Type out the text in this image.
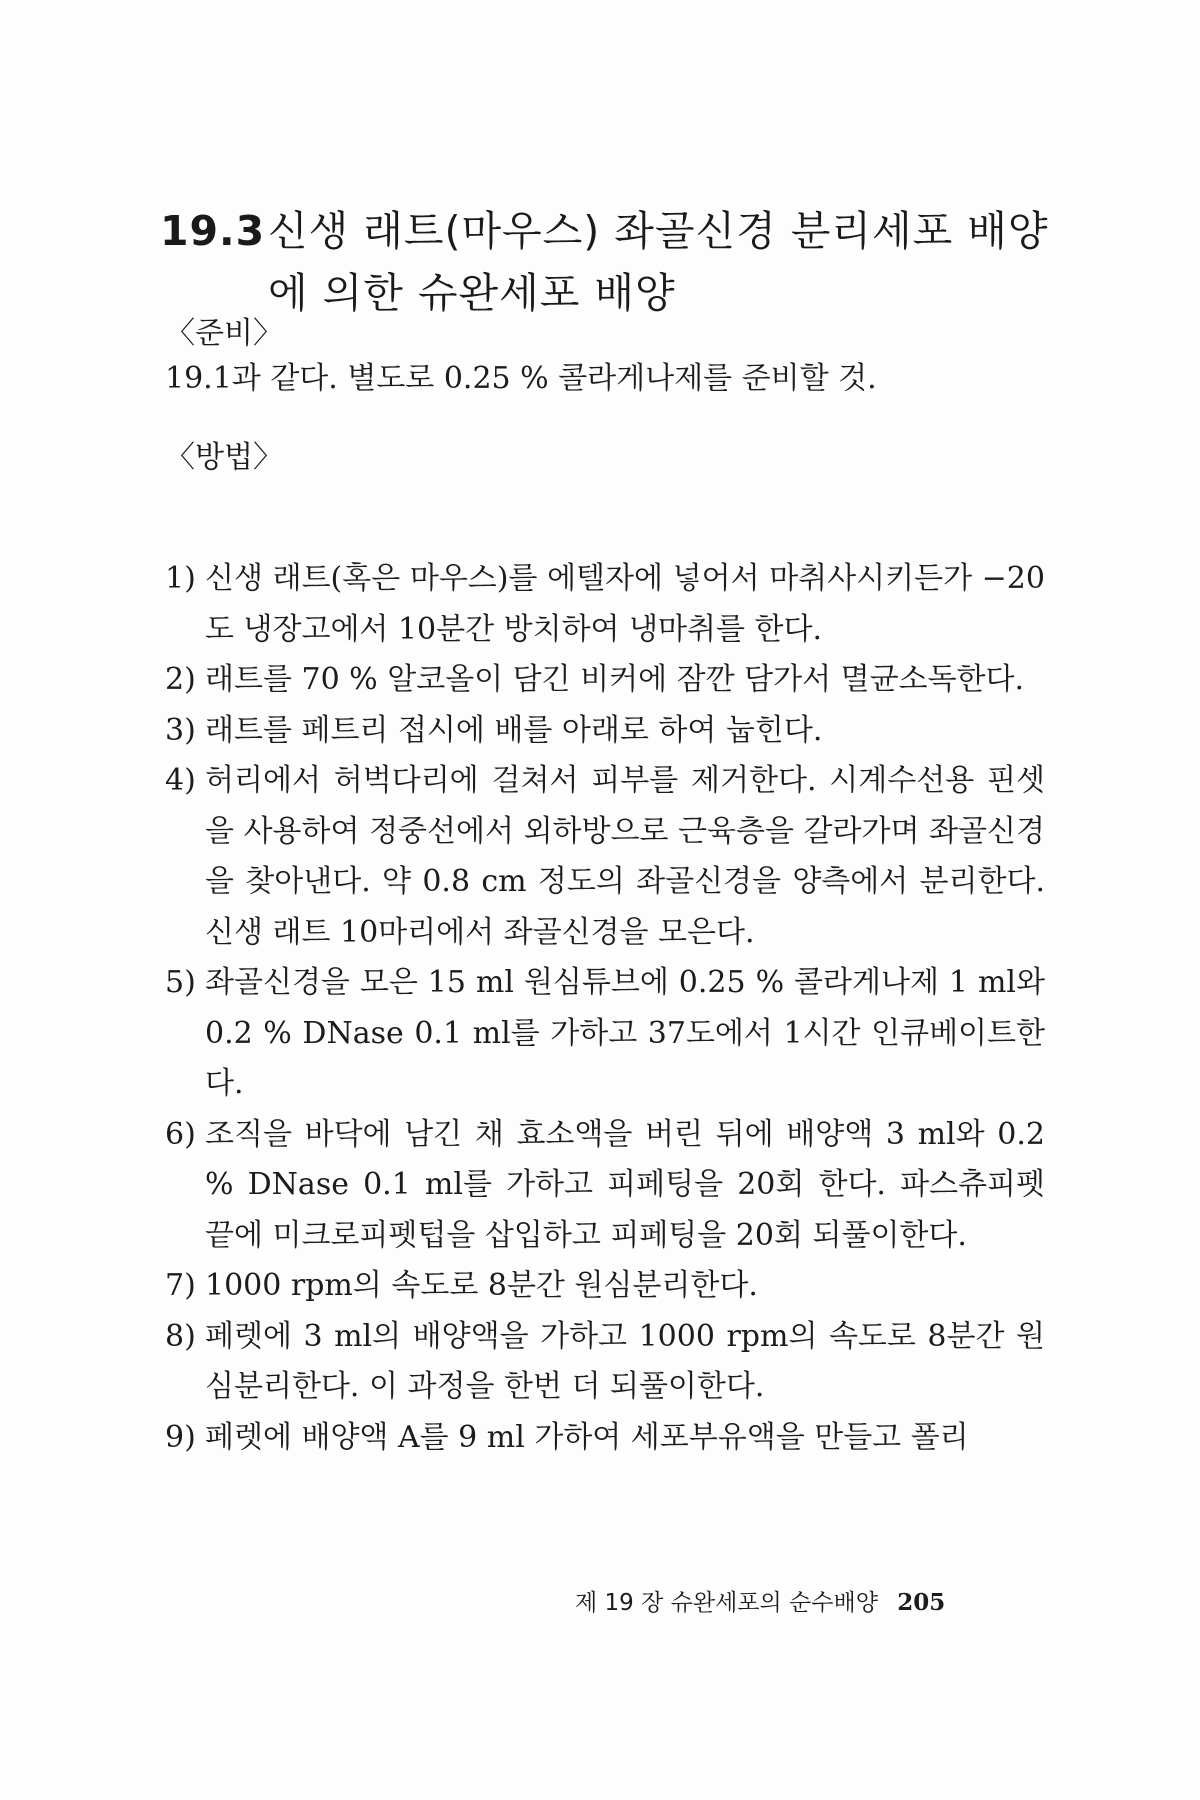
19.3 신생 래트(마우스) 좌골신경 분리세포 배양에 의한 슈완세포 배양
〈준비〉
19.1과 같다. 별도로 0.25 % 콜라게나제를 준비할 것.
〈방법〉
1) 신생 래트(혹은 마우스)를 에텔자에 넣어서 마취사시키든가 −20도 냉장고에서 10분간 방치하여 냉마취를 한다.
2) 래트를 70 % 알코올이 담긴 비커에 잠깐 담가서 멸균소독한다.
3) 래트를 페트리 접시에 배를 아래로 하여 눕힌다.
4) 허리에서 허벅다리에 걸쳐서 피부를 제거한다. 시계수선용 핀셋을 사용하여 정중선에서 외하방으로 근육층을 갈라가며 좌골신경을 찾아낸다. 약 0.8 cm 정도의 좌골신경을 양측에서 분리한다. 신생 래트 10마리에서 좌골신경을 모은다.
5) 좌골신경을 모은 15 ml 원심튜브에 0.25 % 콜라게나제 1 ml와 0.2 % DNase 0.1 ml를 가하고 37도에서 1시간 인큐베이트한다.
6) 조직을 바닥에 남긴 채 효소액을 버린 뒤에 배양액 3 ml와 0.2 % DNase 0.1 ml를 가하고 피페팅을 20회 한다. 파스츄피펫 끝에 미크로피펫텁을 삽입하고 피페팅을 20회 되풀이한다.
7) 1000 rpm의 속도로 8분간 원심분리한다.
8) 페렛에 3 ml의 배양액을 가하고 1000 rpm의 속도로 8분간 원심분리한다. 이 과정을 한번 더 되풀이한다.
9) 페렛에 배양액 A를 9 ml 가하여 세포부유액을 만들고 폴리
제 19 장 슈완세포의 순수배양 205
